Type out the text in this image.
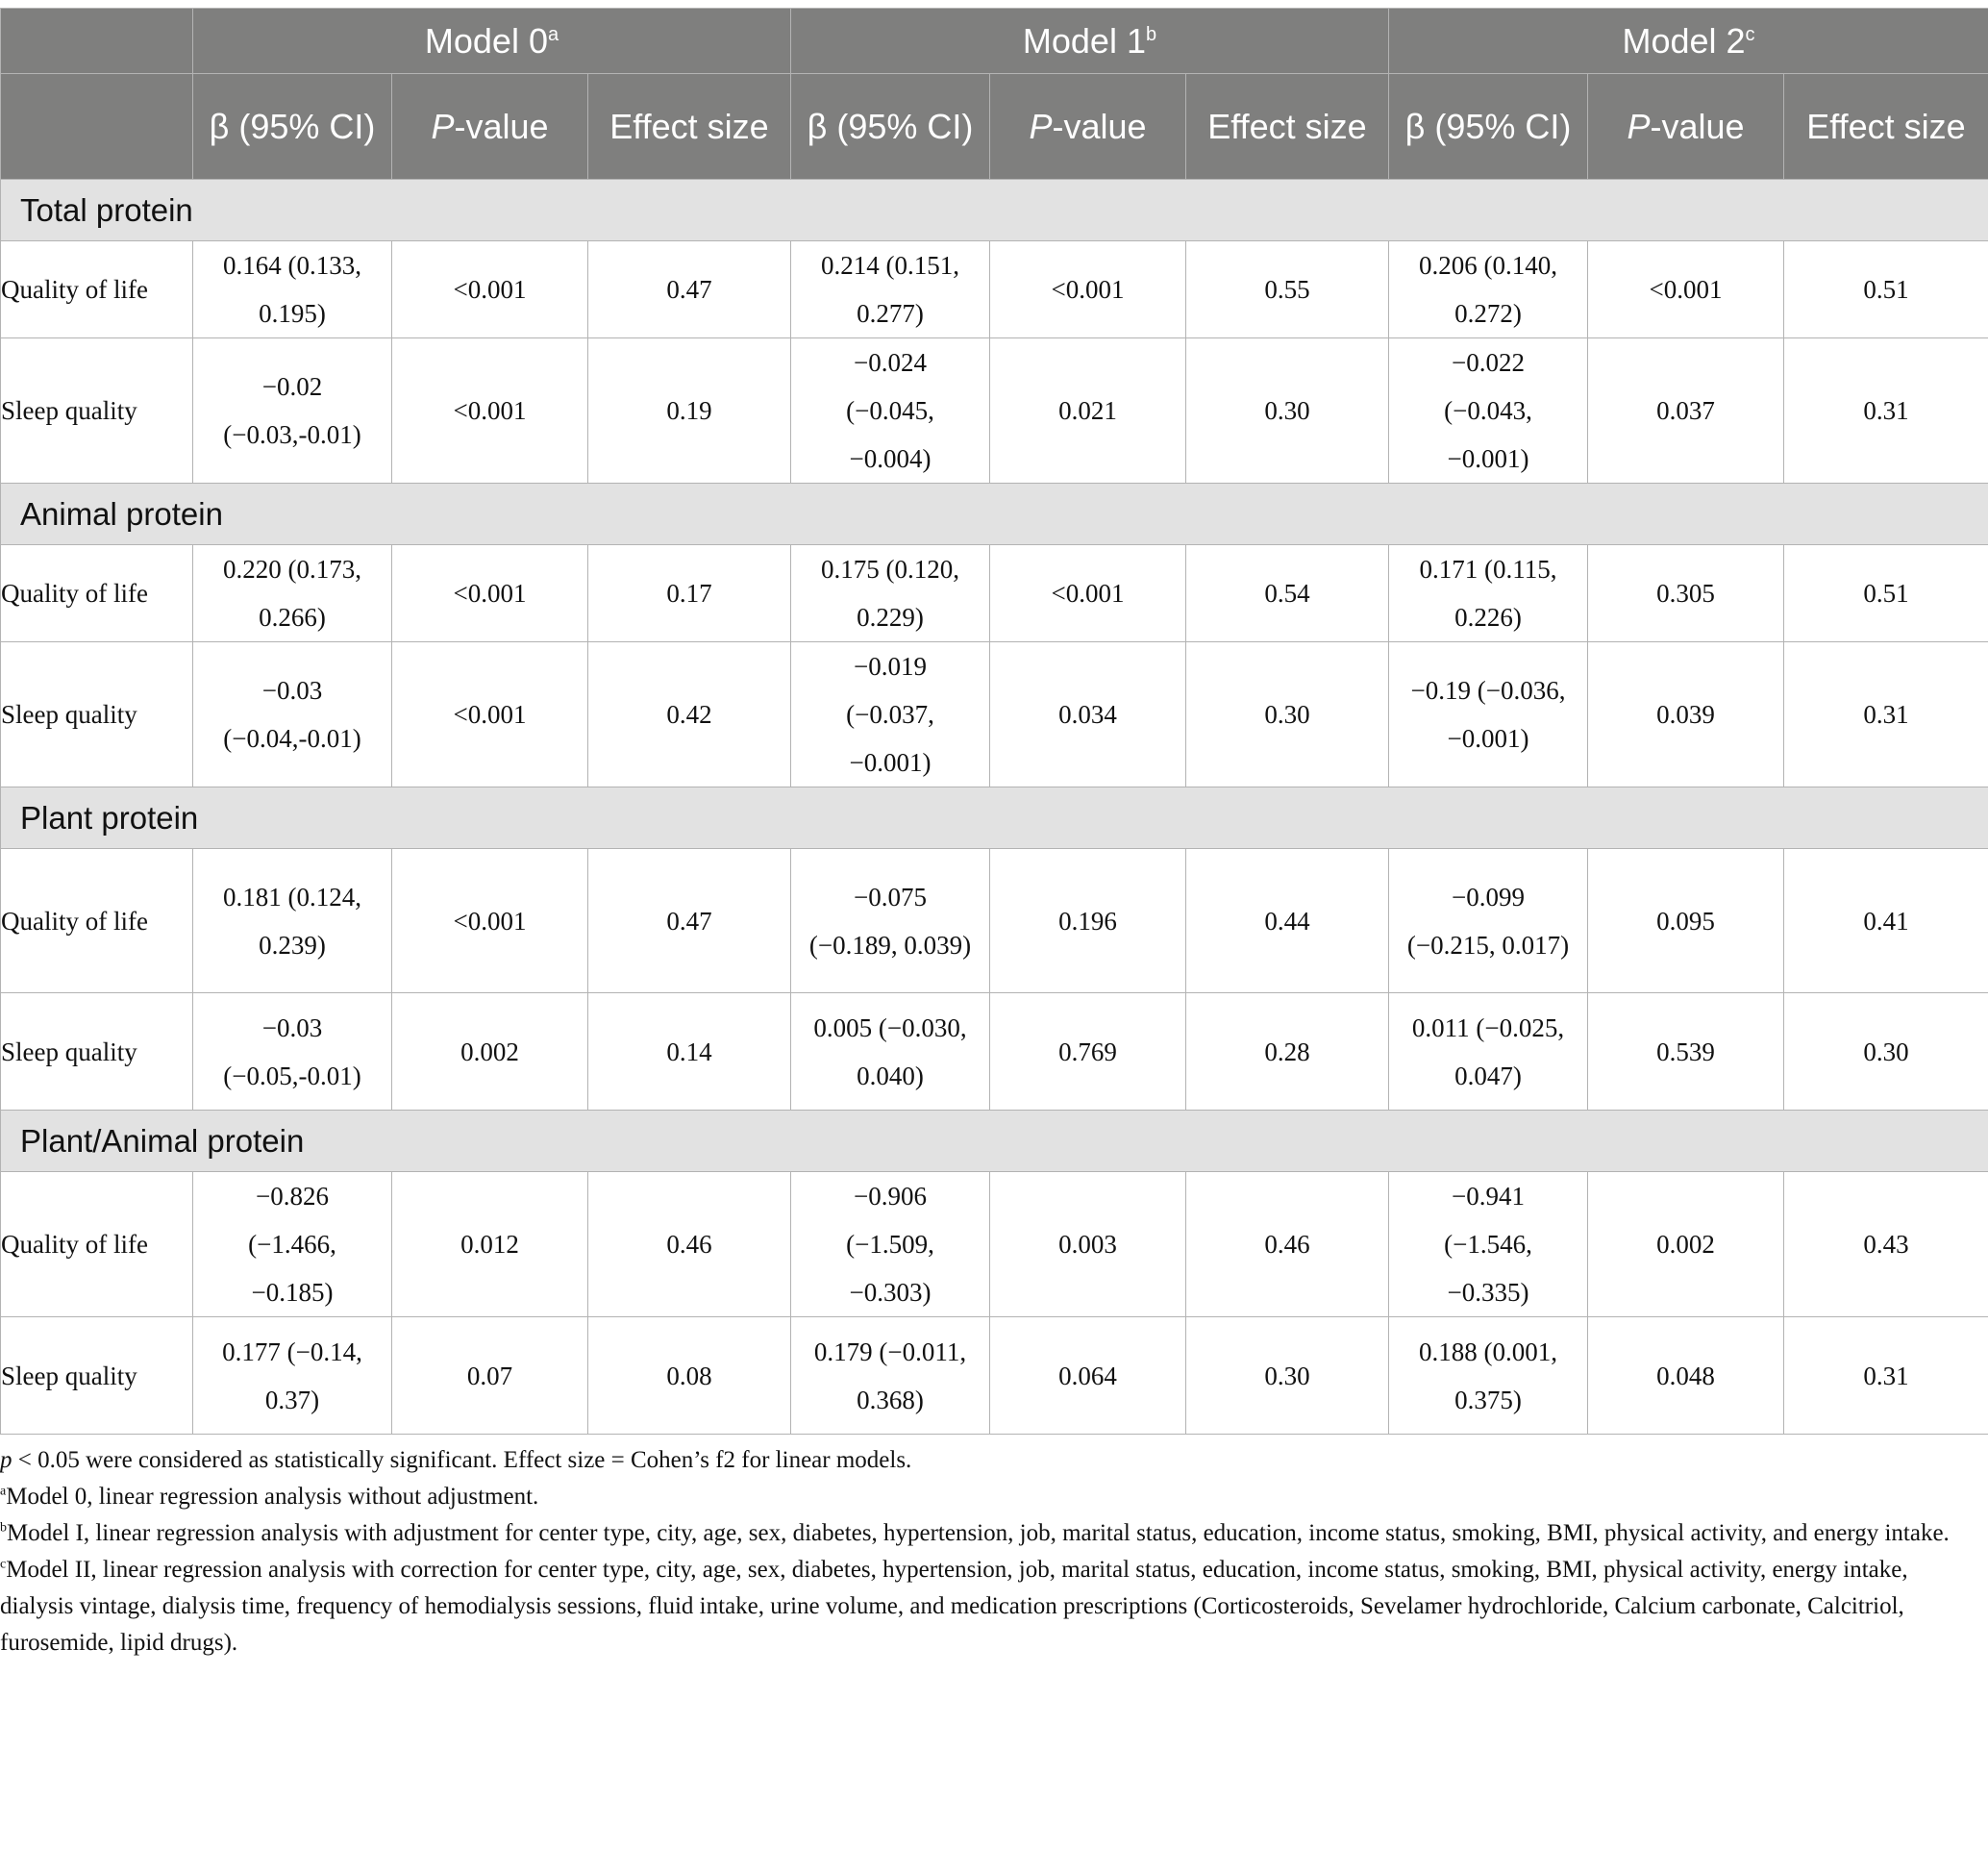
	Model 0$^a$			Model 1$^b$			Model 2$^c$
	β (95% CI)	P-value	Effect size	β (95% CI)	P-value	Effect size	β (95% CI)	P-value	Effect size
Total protein									
Quality of life	0.164 (0.133, 0.195)	<0.001	0.47	0.214 (0.151, 0.277)	<0.001	0.55	0.206 (0.140, 0.272)	<0.001	0.51
Sleep quality	−0.02 (−0.03,-0.01)	<0.001	0.19	−0.024 (−0.045, −0.004)	0.021	0.30	−0.022 (−0.043, −0.001)	0.037	0.31
Animal protein									
Quality of life	0.220 (0.173, 0.266)	<0.001	0.17	0.175 (0.120, 0.229)	<0.001	0.54	0.171 (0.115, 0.226)	0.305	0.51
Sleep quality	−0.03 (−0.04,-0.01)	<0.001	0.42	−0.019 (−0.037, −0.001)	0.034	0.30	−0.19 (−0.036, −0.001)	0.039	0.31
Plant protein									
Quality of life	0.181 (0.124, 0.239)	<0.001	0.47	−0.075 (−0.189, 0.039)	0.196	0.44	−0.099 (−0.215, 0.017)	0.095	0.41
Sleep quality	−0.03 (−0.05,-0.01)	0.002	0.14	0.005 (−0.030, 0.040)	0.769	0.28	0.011 (−0.025, 0.047)	0.539	0.30
Plant/Animal protein									
Quality of life	−0.826 (−1.466, −0.185)	0.012	0.46	−0.906 (−1.509, −0.303)	0.003	0.46	−0.941 (−1.546, −0.335)	0.002	0.43
Sleep quality	0.177 (−0.14, 0.37)	0.07	0.08	0.179 (−0.011, 0.368)	0.064	0.30	0.188 (0.001, 0.375)	0.048	0.31

p < 0.05 were considered as statistically significant. Effect size = Cohen’s f2 for linear models.

$^a$Model 0, linear regression analysis without adjustment.

$^b$Model I, linear regression analysis with adjustment for center type, city, age, sex, diabetes, hypertension, job, marital status, education, income status, smoking, BMI, physical activity, and energy intake.

$^c$Model II, linear regression analysis with correction for center type, city, age, sex, diabetes, hypertension, job, marital status, education, income status, smoking, BMI, physical activity, energy intake, dialysis vintage, dialysis time, frequency of hemodialysis sessions, fluid intake, urine volume, and medication prescriptions (Corticosteroids, Sevelamer hydrochloride, Calcium carbonate, Calcitriol, furosemide, lipid drugs).
